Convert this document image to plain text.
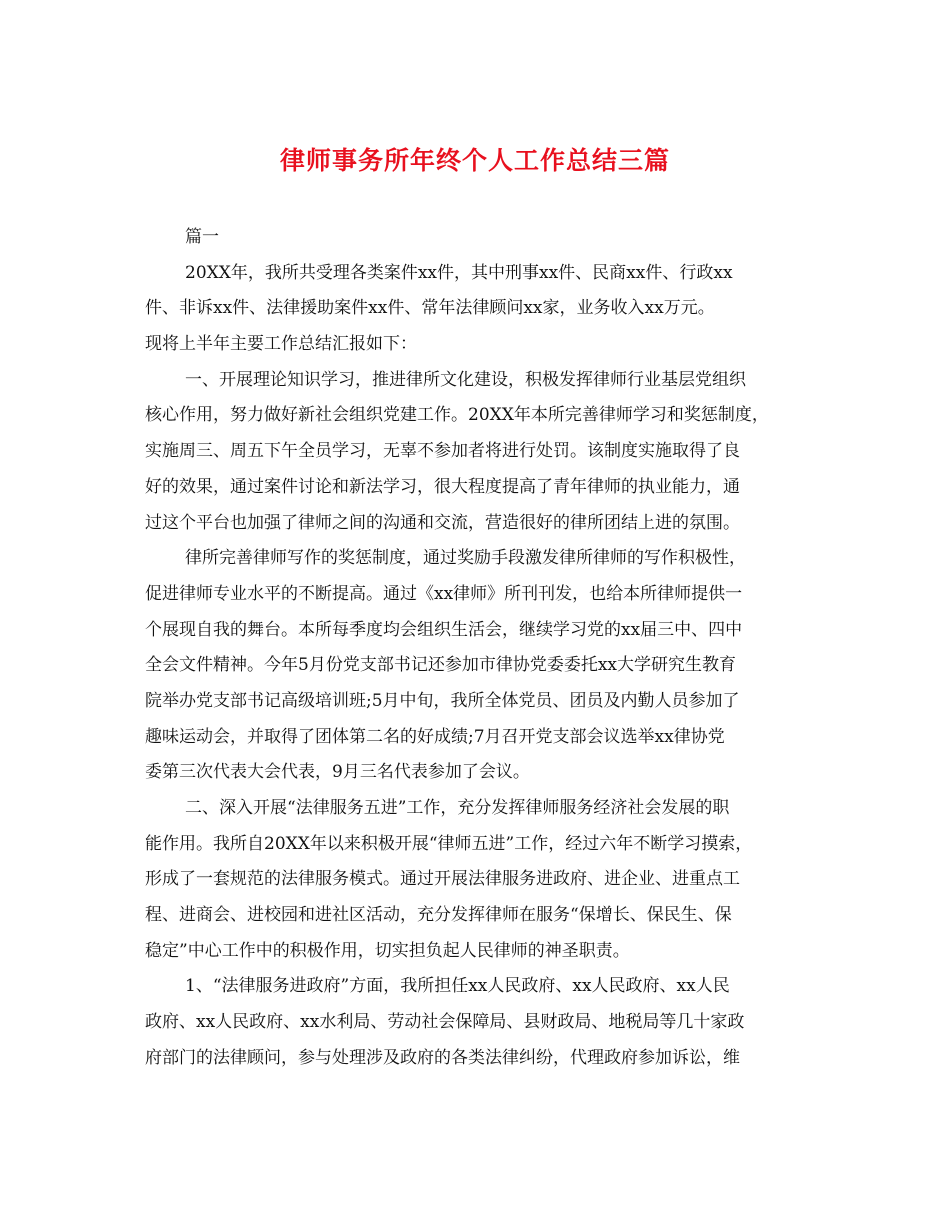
律师事务所年终个人工作总结三篇
篇一
20XX年，我所共受理各类案件xx件，其中刑事xx件、民商xx件、行政xx
件、非诉xx件、法律援助案件xx件、常年法律顾问xx家，业务收入xx万元。
现将上半年主要工作总结汇报如下：
一、开展理论知识学习，推进律所文化建设，积极发挥律师行业基层党组织
核心作用，努力做好新社会组织党建工作。20XX年本所完善律师学习和奖惩制度，
实施周三、周五下午全员学习，无辜不参加者将进行处罚。该制度实施取得了良
好的效果，通过案件讨论和新法学习，很大程度提高了青年律师的执业能力，通
过这个平台也加强了律师之间的沟通和交流，营造很好的律所团结上进的氛围。
律所完善律师写作的奖惩制度，通过奖励手段激发律所律师的写作积极性，
促进律师专业水平的不断提高。通过《xx律师》所刊刊发，也给本所律师提供一
个展现自我的舞台。本所每季度均会组织生活会，继续学习党的xx届三中、四中
全会文件精神。今年5月份党支部书记还参加市律协党委委托xx大学研究生教育
院举办党支部书记高级培训班;5月中旬，我所全体党员、团员及内勤人员参加了
趣味运动会，并取得了团体第二名的好成绩;7月召开党支部会议选举xx律协党
委第三次代表大会代表，9月三名代表参加了会议。
二、深入开展“法律服务五进”工作，充分发挥律师服务经济社会发展的职
能作用。我所自20XX年以来积极开展“律师五进”工作，经过六年不断学习摸索，
形成了一套规范的法律服务模式。通过开展法律服务进政府、进企业、进重点工
程、进商会、进校园和进社区活动，充分发挥律师在服务“保增长、保民生、保
稳定”中心工作中的积极作用，切实担负起人民律师的神圣职责。
1、“法律服务进政府”方面，我所担任xx人民政府、xx人民政府、xx人民
政府、xx人民政府、xx水利局、劳动社会保障局、县财政局、地税局等几十家政
府部门的法律顾问，参与处理涉及政府的各类法律纠纷，代理政府参加诉讼，维
